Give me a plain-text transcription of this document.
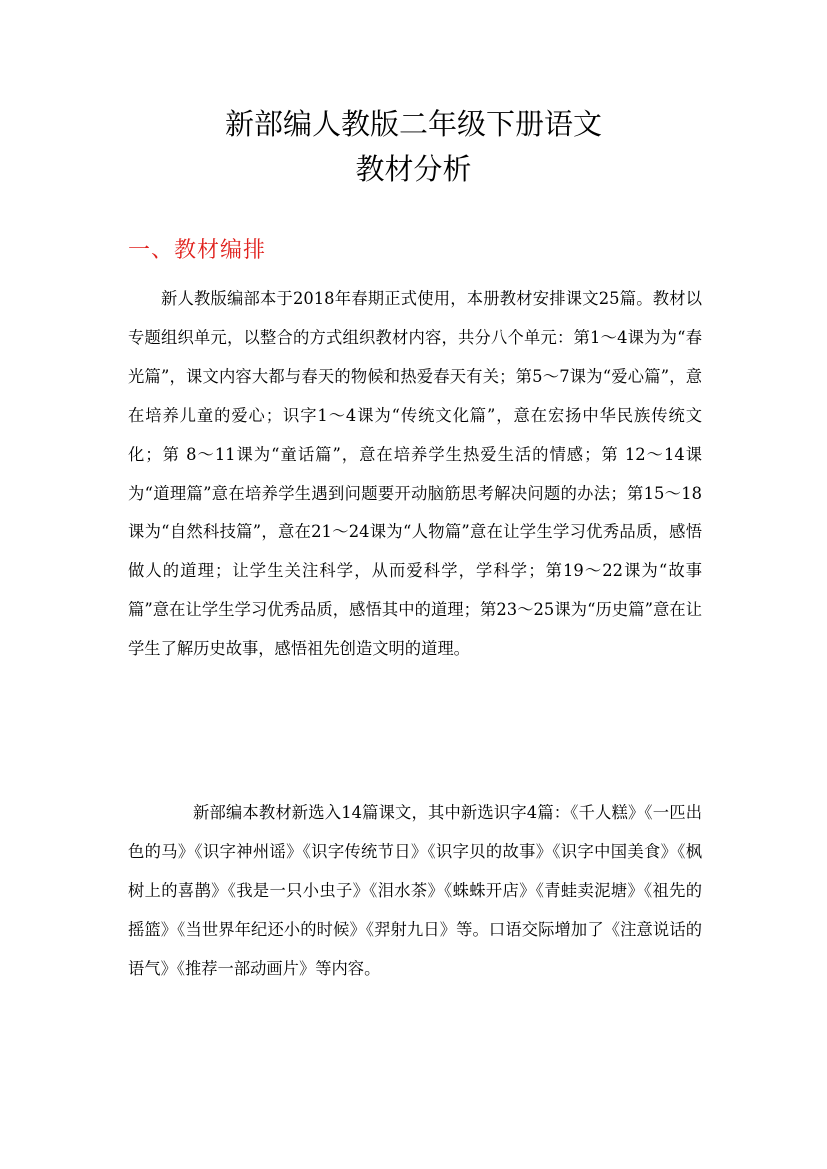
新部编人教版二年级下册语文
教材分析
一、教材编排

新人教版编部本于2018年春期正式使用，本册教材安排课文25篇。教材以专题组织单元，以整合的方式组织教材内容，共分八个单元：第1～4课为为“春光篇”，课文内容大都与春天的物候和热爱春天有关；第5～7课为“爱心篇”，意在培养儿童的爱心；识字1～4课为“传统文化篇”，意在宏扬中华民族传统文化；第 8～11课为“童话篇”，意在培养学生热爱生活的情感；第 12～14课为“道理篇”意在培养学生遇到问题要开动脑筋思考解决问题的办法；第15～18课为“自然科技篇”，意在21～24课为“人物篇”意在让学生学习优秀品质，感悟做人的道理；让学生关注科学，从而爱科学，学科学；第19～22课为“故事篇”意在让学生学习优秀品质，感悟其中的道理；第23～25课为“历史篇”意在让学生了解历史故事，感悟祖先创造文明的道理。

新部编本教材新选入14篇课文，其中新选识字4篇：《千人糕》《一匹出色的马》《识字神州谣》《识字传统节日》《识字贝的故事》《识字中国美食》《枫树上的喜鹊》《我是一只小虫子》《泪水茶》《蛛蛛开店》《青蛙卖泥塘》《祖先的摇篮》《当世界年纪还小的时候》《羿射九日》等。口语交际增加了《注意说话的语气》《推荐一部动画片》等内容。
